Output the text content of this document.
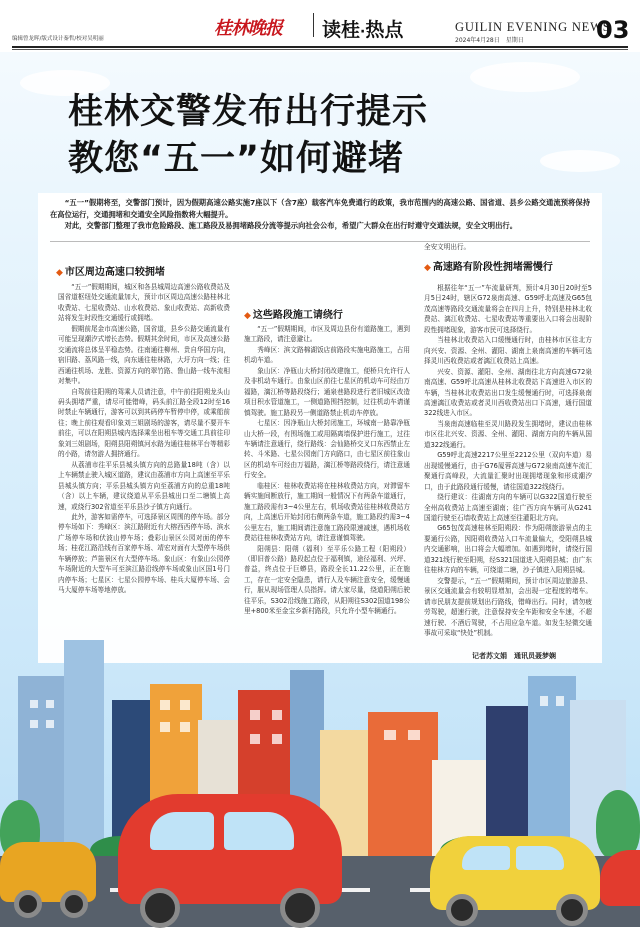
编辑曾龙晖/版式设计秦哲/校对吴明丽	桂林晚报	读桂·热点	GUILIN EVENING NEWS
2024年4月28日　星期日	03
桂林交警发布出行提示
教您“五一”如何避堵
“五一”假期将至，交警部门预计，因为假期高速公路实施7座以下（含7座）载客汽车免费通行的政策，我市范围内的高速公路、国省道、县乡公路交通流预将保持在高位运行，交通拥堵和交通安全风险指数将大幅提升。
对此，交警部门整理了我市危险路段、施工路段及易拥堵路段分流等提示向社会公布，希望广大群众在出行时遵守交通法规，安全文明出行。
◆ 市区周边高速口较拥堵

“五一”假期期间，城区和各县城周边高速公路收费站及国省道枢纽处交通流量加大，预计市区周边高速公路桂林北收费站、七星收费站、山水收费站、象山收费站、高新收费站将发生时段性交通缓行或拥堵。

假期前尾金市高速公路，国省道，县乡公路交通流量有可能呈现潮汐式增长态势。假期其余时间，市区及高速公路交通流将总体呈平稳态势。往南通往柳州、贵自华国方向，宿旧路、荔风路一线，向东通往桂林路，大圩方向一线；往西通往机场、龙胜、资源方向的翠竹路、鲁山路一线车流相对集中。

自驾前往阳朔的驾乘人员请注意，中午前往阳朔龙头山码头拥堵严重，请尽可能错峰，码头前江路全段12时至16时禁止车辆通行，游客可以到其码停车暂停申停，或乘船前往；晚上前往观看印象刘三姐剧场的游客，请尽量不要开车前往，可以在阳朔县城内选择乘坐出租车等交通工具前往印象刘三姐剧场，阳朔县阳朔镇河水路为通往桂林平台等精彩的小路，请勿游人拥挤通行。

从荔浦市往平乐县城头镇方向的总路量18吨（含）以上车辆禁止驶入城区道路，建议由荔浦市方向上高速至平乐县城头镇方向；平乐县城头镇方向至荔浦方向的总重18吨（含）以上车辆，建议绕道从平乐县城出口至二塘镇上高速，或绕行302省道至平乐县沙子镇方向通行。

此外，游客如需停车，可选择景区周围的停车场。部分停车场如下：秀峰区：滨江路附近有大榕西西停车场、滨水广场停车场和伏波山停车场；叠彩山景区公园对面的停车场；桂花江路沿线有百家停车场、靖宏对面有大型停车场供车辆停放；芦笛景区有大型停车场。象山区：有象山公园停车场附近的大型车可至滨江路沿线停车场或象山区国1号门内停车场；七星区：七星公园停车场、桂兵大厦停车场、会马大厦停车场等地停放。

◆ 这些路段施工请绕行

“五一”假期期间，市区及周边县份有道路施工，遇到施工路段，请注意避让。

秀峰区：滨文路棉湖饭店前路段实施电路施工，占用机动车道。

象山区：净瓶山大桥封闭改建施工，便桥只允许行人及非机动车通行。由象山区前往七星区的机动车可经由万福路，漓江桥等路段绕行；通泉巷路段进行老旧城区改造项目积水管道施工，一侧道路围挡控制，过往机动车请谨慎驾驶。施工路段另一侧道路禁止机动车停放。

七星区：因净瓶山大桥封闭施工，环城南一路靠净瓶山大桥一段，有围场施工或用隔离墙保护进行施工，过往车辆请注意通行，绕行路线：会仙路桥交叉口东西禁止左转、斗米路、七星公园南门方向路口，由七星区前往象山区的机动车可经由万福路，漓江桥等路段绕行，请注意通行安全。

临桂区：桂林收费站将在桂林收费站方向，对滞留车辆实施间断放行，施工期间一般情况下有两条车道通行，施工路段需有3~4公里左右，机场收费站往桂林收费站方向，上高速后开始封闭右侧两条车道，施工路段约需3~4公里左右，施工期间请注意施工路段限速减速，遇机场收费站往桂林收费站方向，请注意谨慎驾驶。

阳朔县：阳朔（福利）至平乐公路工程（阳朔段）（即旧普公路）路段起点位于福利镇，途径福利、兴坪、普益，终点位于巨蟒县，路段全长11.22公里，正在施工，存在一定安全隐患，请行人及车辆注意安全，缓慢通行，服从现场管理人员指挥。请大家尽量，绕道阳朔后驶往平乐，S302沿线施工路段，从阳朔往S302国道198公里+800米至金宝乡新村路段，只允许小型车辆通行。

全安文明出行。

◆ 高速路有阶段性拥堵需慢行

根据往年“五一”车流量研判，预计4月30日20时至5月5日24时，辖区G72泉南高速、G59呼北高速及G65包茂高速等路段交通流量将会在四月上升，特别是桂林北收费站、漓江收费站、七星收费站等重要出入口将会出现阶段性拥堵现象，游客市民可选择绕行。

当桂林北收费站入口缓慢通行时，由桂林市区往北方向兴安、资源、全州、灌阳、湖南上泉南高速的车辆可选择灵川西收费站或者漓江收费站上高速。

兴安、资源、灌阳、全州、湖南往北方向高速G72泉南高速、G59呼北高速从桂林北收费站下高速进入市区的车辆，当桂林北收费站出口发生缓慢通行时，可选择泉南高速漓江收费站或者灵川西收费站出口下高速，通行国道322线进入市区。

当泉南高速临桂至灵川路段发生拥堵时，建议由桂林市区往北兴安、资源、全州、灌阳、湖南方向的车辆从国道322线通行。

G59呼北高速2217公里至2212公里（双向车道）易出现缓慢通行，由于G76厦蓉高速与G72泉南高速车流汇聚通行高峰段，大流量汇聚时出现拥堵现象和形成潮汐口，由于此路段通行缓慢，请往国道322线绕行。

绕行建议：往湖南方向的车辆可以G322国道行驶至全州高收费站上高速至湖南；往广西方向车辆可从G241国道行驶至石墙收费站上高速至往灌阳北方向。

G65包茂高速桂林至阳朔段：作为阳朔旅游景点的主要通行公路，因阳朔收费站入口车流量偏大，受阳朔县城内交通影响，出口将会大幅增加。如遇到堵时，请绕行国道321线行驶至阳朔，经S321国道进入阳朔县城；由广东往桂林方向的车辆，可绕道二塘，沙子镇进入阳朔县城。

交警提示，“五一”假期期间，预计市区周边旅游县、景区交通流量会有较明显增加，会出现一定程度的堵车。请市民朋友提前规划出行路线，错峰出行。同时，请勿疲劳驾驶，超速行驶，注意保持安全车距和安全车速，不超速行驶、不酒后驾驶，不占用应急车道。如发生轻微交通事故可采取“快处”机制。

记者苏文娟　通讯员聂梦娴
